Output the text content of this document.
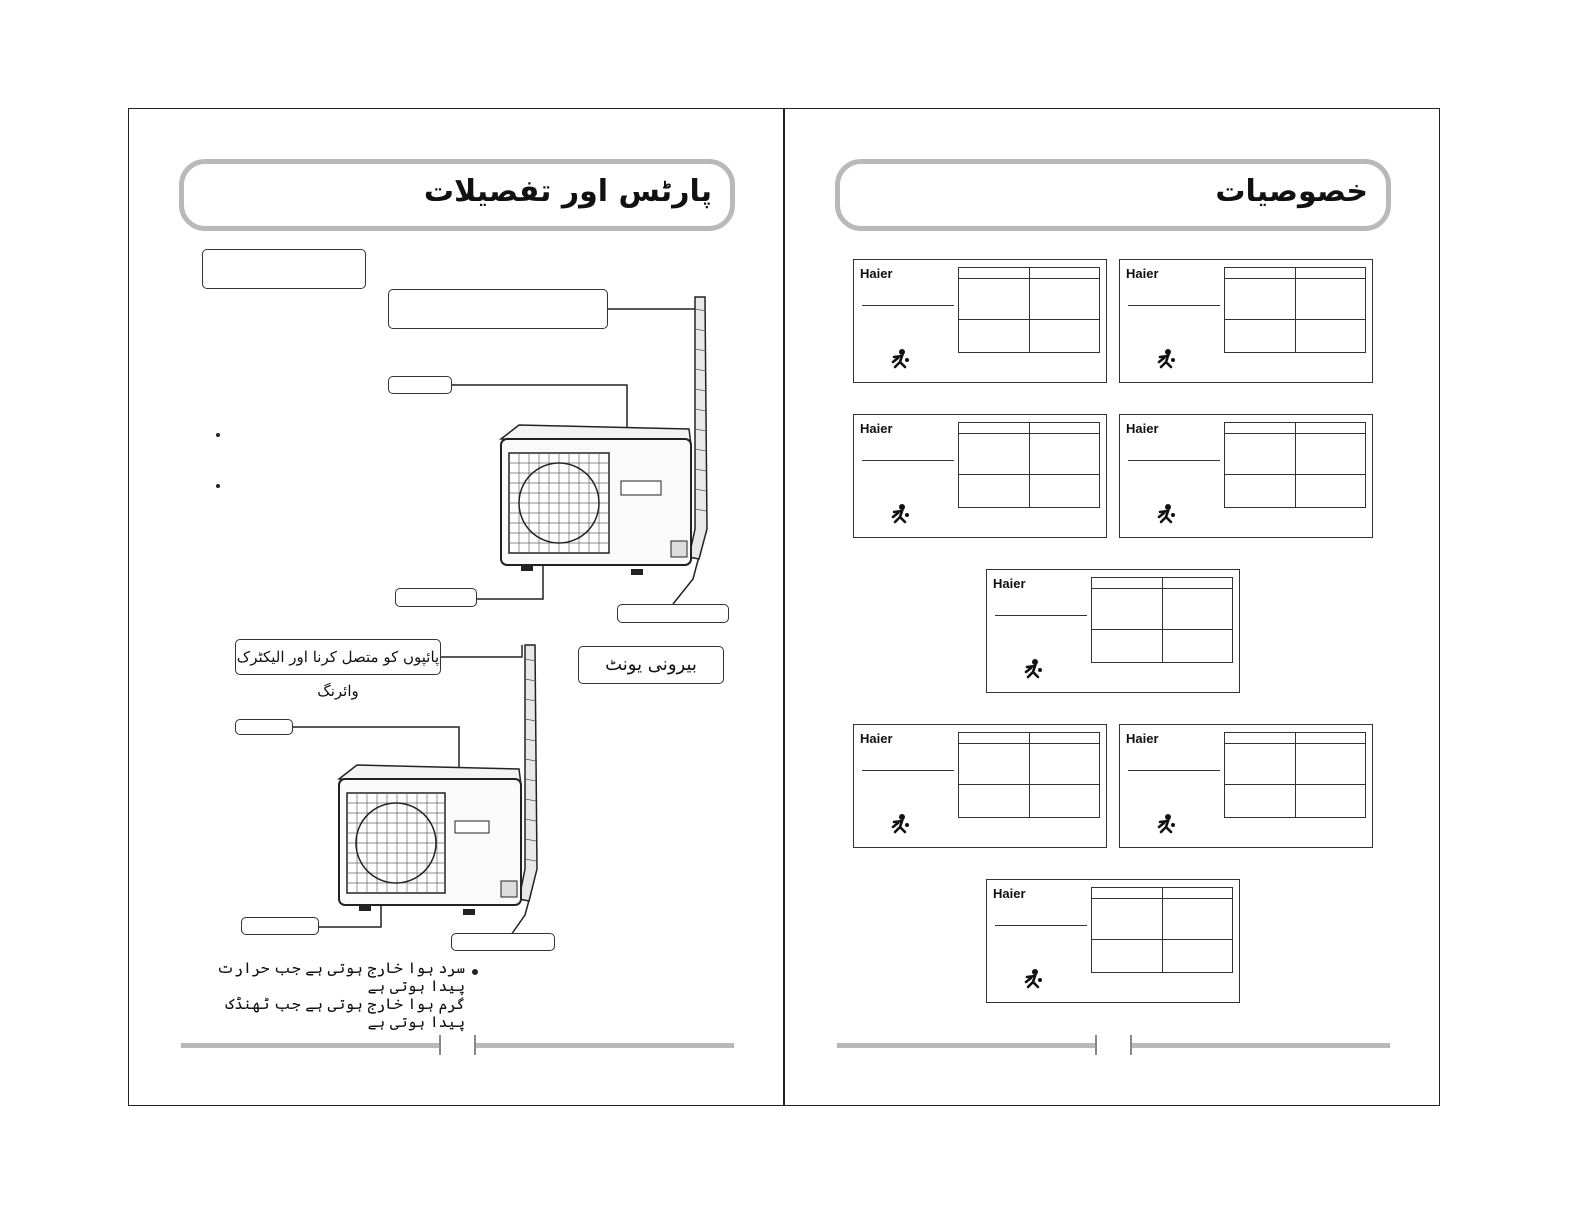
پارٹس اور تفصیلات
پائپوں کو متصل کرنا اور الیکٹرک وائرنگ
بیرونی یونٹ
سرد ہوا خارج ہوتی ہے جب حرارت پیدا ہوتی ہے
گرم ہوا خارج ہوتی ہے جب ٹھنڈک پیدا ہوتی ہے
خصوصیات
Haier	Haier
Haier	Haier
Haier
Haier	Haier
Haier
